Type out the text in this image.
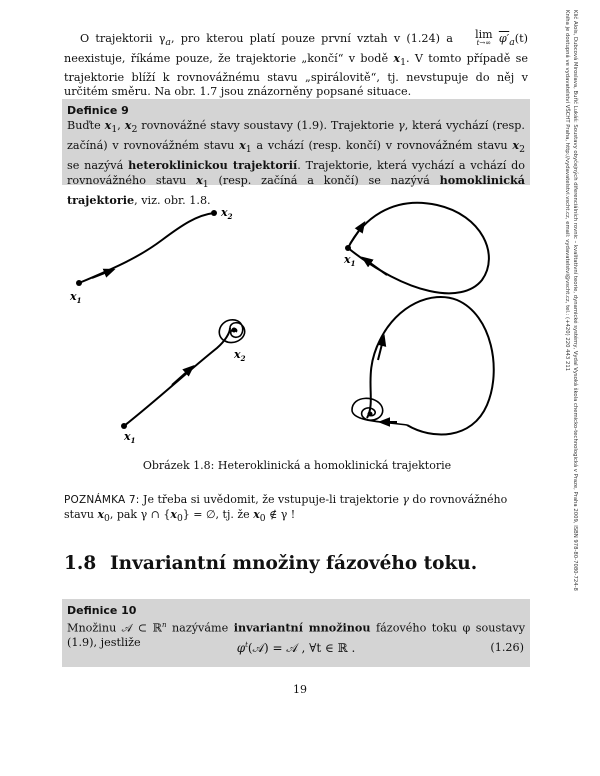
O trajektorii $\gamma_a$, pro kterou platí pouze první vztah v (1.24) a	lim
t→∞ $\varphi'_a(t)$ neexistuje, říkáme pouze, že trajektorie „končí“ v bodě $x_1$. V tomto případě se trajektorie blíží k rovnovážnému stavu „spirálovitě“, tj. nevstupuje do něj v určitém směru. Na obr. 1.7 jsou znázorněny popsané situace.
Definice 9
Buďte $x_1$, $x_2$ rovnovážné stavy soustavy (1.9). Trajektorie γ, která vychází (resp. začíná) v rovnovážném stavu $x_1$ a vchází (resp. končí) v rovnovážném stavu $x_2$ se nazývá heteroklinickou trajektorií. Trajektorie, která vychází a vchází do rovnovážného stavu $x_1$ (resp. začíná a končí) se nazývá homoklinická trajektorie, viz. obr. 1.8.
$x_1$
$x_2$
$x_1$
$x_2$
$x_1$
Obrázek 1.8: Heteroklinická a homoklinická trajektorie
POZNÁMKA 7: Je třeba si uvědomit, že vstupuje-li trajektorie γ do rovnovážného stavu $x_0$, pak γ ∩ $\{x_0\}$ = ∅, tj. že $x_0$ ∉ γ !
1.8 Invariantní množiny fázového toku.
Definice 10
Množinu 𝒜 ⊂ ℝ$^n$ nazýváme invariantní množinou fázového toku φ soustavy (1.9), jestliže	$\varphi^t(𝒜)$ = 𝒜 , ∀t ∈ ℝ .	(1.26)
19
Klič Alois, Dubcová Miroslava, Buřič Lukáš: Soustavy obyčejných diferenciálních rovnic – kvalitativní teorie, dynamické systémy, Vydal Vysoká škola chemicko-technologická v Praze, Praha 2009, ISBN 978-80-7080-724-8
Kniha je dostupná ve vydavatelství VŠCHT Praha, http://vydavatelstvi.vscht.cz, email: vydavatelstvi@vscht.cz, tel.: (+420) 220 443 211
